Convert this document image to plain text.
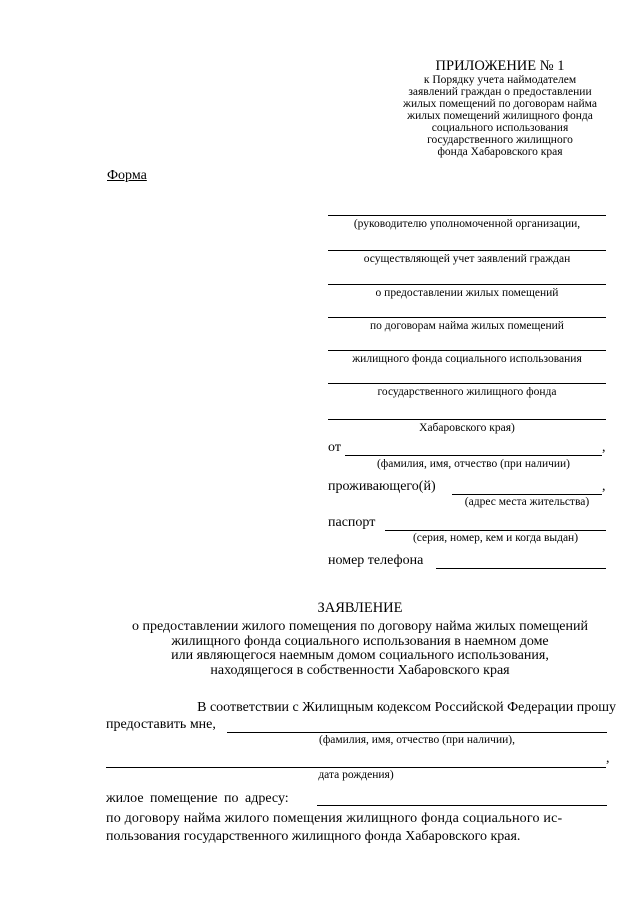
ПРИЛОЖЕНИЕ № 1
к Порядку учета наймодателем
заявлений граждан о предоставлении
жилых помещений по договорам найма
жилых помещений жилищного фонда
социального использования
государственного жилищного
фонда Хабаровского края
Форма
(руководителю уполномоченной организации,
осуществляющей учет заявлений граждан
о предоставлении жилых помещений
по договорам найма жилых помещений
жилищного фонда социального использования
государственного жилищного фонда
Хабаровского края)
от	,
(фамилия, имя, отчество (при наличии)
проживающего(й)	,
(адрес места жительства)
паспорт
(серия, номер, кем и когда выдан)
номер телефона
ЗАЯВЛЕНИЕ
о предоставлении жилого помещения по договору найма жилых помещений
жилищного фонда социального использования в наемном доме
или являющегося наемным домом социального использования,
находящегося в собственности Хабаровского края
В соответствии с Жилищным кодексом Российской Федерации прошу
предоставить мне,
(фамилия, имя, отчество (при наличии),
,
дата рождения)
жилое помещение по адресу:
по договору найма жилого помещения жилищного фонда социального ис-
пользования государственного жилищного фонда Хабаровского края.
